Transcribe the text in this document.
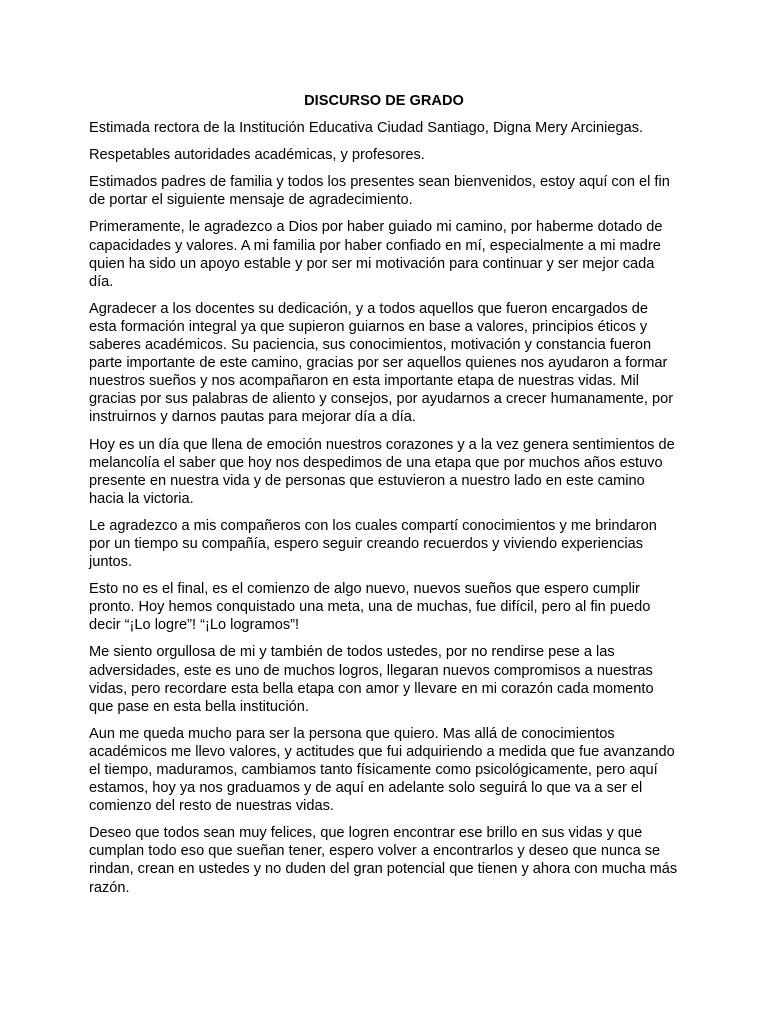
DISCURSO DE GRADO

Estimada rectora de la Institución Educativa Ciudad Santiago, Digna Mery Arciniegas.

Respetables autoridades académicas, y profesores.

Estimados padres de familia y todos los presentes sean bienvenidos, estoy aquí con el fin de portar el siguiente mensaje de agradecimiento.

Primeramente, le agradezco a Dios por haber guiado mi camino, por haberme dotado de capacidades y valores. A mi familia por haber confiado en mí, especialmente a mi madre quien ha sido un apoyo estable y por ser mi motivación para continuar y ser mejor cada día.

Agradecer a los docentes su dedicación, y a todos aquellos que fueron encargados de esta formación integral ya que supieron guiarnos en base a valores, principios éticos y saberes académicos. Su paciencia, sus conocimientos, motivación y constancia fueron parte importante de este camino, gracias por ser aquellos quienes nos ayudaron a formar nuestros sueños y nos acompañaron en esta importante etapa de nuestras vidas. Mil gracias por sus palabras de aliento y consejos, por ayudarnos a crecer humanamente, por instruirnos y darnos pautas para mejorar día a día.

Hoy es un día que llena de emoción nuestros corazones y a la vez genera sentimientos de melancolía el saber que hoy nos despedimos de una etapa que por muchos años estuvo presente en nuestra vida y de personas que estuvieron a nuestro lado en este camino hacia la victoria.

Le agradezco a mis compañeros con los cuales compartí conocimientos y me brindaron por un tiempo su compañía, espero seguir creando recuerdos y viviendo experiencias juntos.

Esto no es el final, es el comienzo de algo nuevo, nuevos sueños que espero cumplir pronto. Hoy hemos conquistado una meta, una de muchas, fue difícil, pero al fin puedo decir “¡Lo logre”! “¡Lo logramos”!

Me siento orgullosa de mi y también de todos ustedes, por no rendirse pese a las adversidades, este es uno de muchos logros, llegaran nuevos compromisos a nuestras vidas, pero recordare esta bella etapa con amor y llevare en mi corazón cada momento que pase en esta bella institución.

Aun me queda mucho para ser la persona que quiero. Mas allá de conocimientos académicos me llevo valores, y actitudes que fui adquiriendo a medida que fue avanzando el tiempo, maduramos, cambiamos tanto físicamente como psicológicamente, pero aquí estamos, hoy ya nos graduamos y de aquí en adelante solo seguirá lo que va a ser el comienzo del resto de nuestras vidas.

Deseo que todos sean muy felices, que logren encontrar ese brillo en sus vidas y que cumplan todo eso que sueñan tener, espero volver a encontrarlos y deseo que nunca se rindan, crean en ustedes y no duden del gran potencial que tienen y ahora con mucha más razón.
